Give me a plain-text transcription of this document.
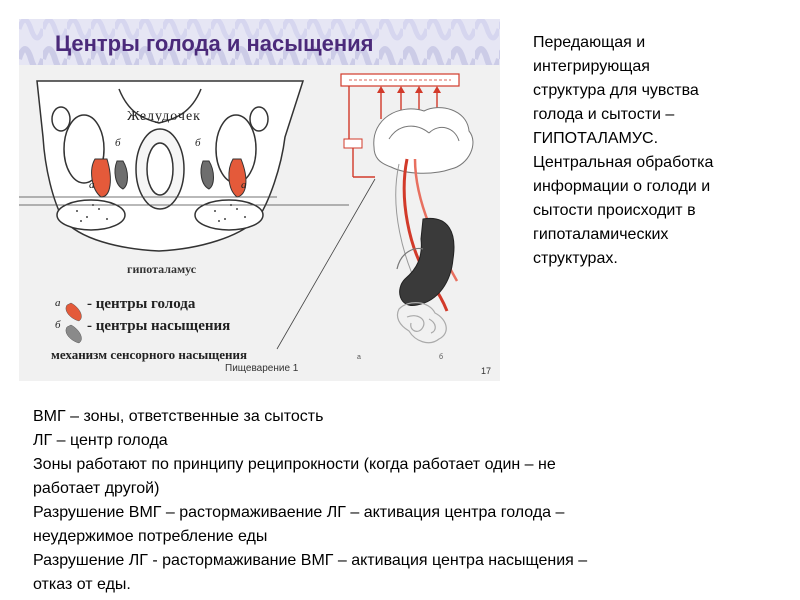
Центры голода и насыщения
а	б
Желудочек
б
а
б
а
гипоталамус
а - центры голода
б - центры насыщения
механизм сенсорного насыщения
Пищеварение 1	17
Передающая и
интегрирующая
структура для чувства
голода и сытости –
ГИПОТАЛАМУС.
Центральная обработка
информации о голоди и
сытости происходит в
гипоталамических
структурах.
ВМГ – зоны, ответственные за сытость
ЛГ – центр голода
Зоны работают по принципу реципрокности (когда работает один – не
работает другой)
Разрушение ВМГ – растормаживаение ЛГ – активация центра голода –
неудержимое потребление еды
Разрушение ЛГ - растормаживание ВМГ – активация центра насыщения –
отказ от еды.
